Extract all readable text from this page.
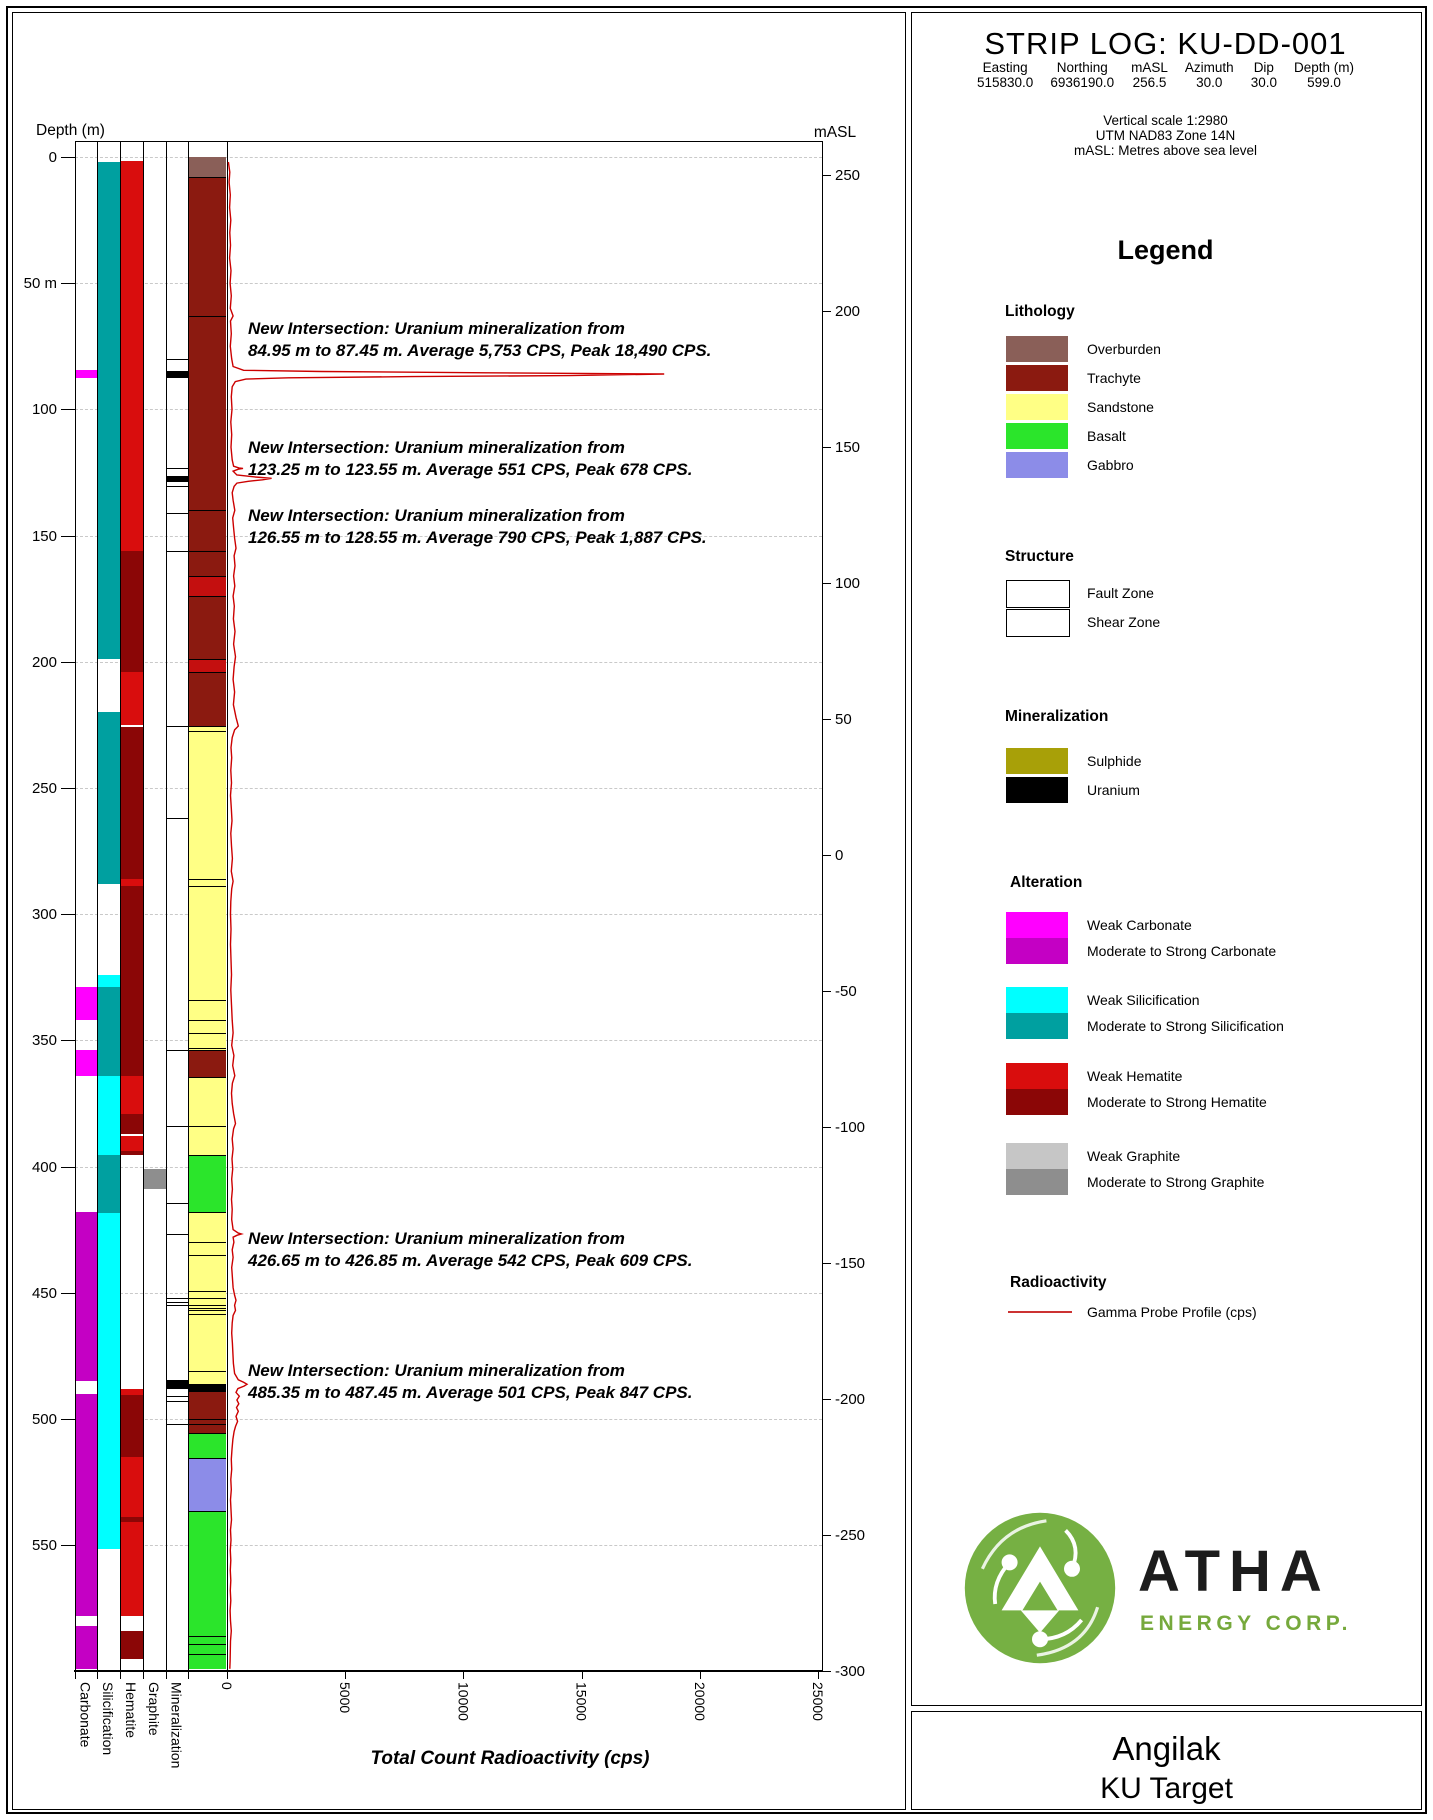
Angilak
KU Target
STRIP LOG: KU-DD-001
Easting
515830.0
Northing
6936190.0
mASL
256.5
Azimuth
30.0
Dip
30.0
Depth (m)
599.0
Vertical scale 1:2980
UTM NAD83 Zone 14N
mASL: Metres above sea level
Legend
Lithology
Overburden
Trachyte
Sandstone
Basalt
Gabbro
Structure
Fault Zone
Shear Zone
Mineralization
Sulphide
Uranium
Alteration
Weak Carbonate
Moderate to Strong Carbonate
Weak Silicification
Moderate to Strong Silicification
Weak Hematite
Moderate to Strong Hematite
Weak Graphite
Moderate to Strong Graphite
Radioactivity
Gamma Probe Profile (cps)
ATHA
ENERGY CORP.
0
50 m
100
150
200
250
300
350
400
450
500
550
250
200
150
100
50
0
-50
-100
-150
-200
-250
-300
0	5000	10000	15000	20000	25000
Carbonate Silicification Hematite Graphite Mineralization
New Intersection: Uranium mineralization from
84.95 m to 87.45 m. Average 5,753 CPS, Peak 18,490 CPS.
New Intersection: Uranium mineralization from
123.25 m to 123.55 m. Average 551 CPS, Peak 678 CPS.
New Intersection: Uranium mineralization from
126.55 m to 128.55 m. Average 790 CPS, Peak 1,887 CPS.
New Intersection: Uranium mineralization from
426.65 m to 426.85 m. Average 542 CPS, Peak 609 CPS.
New Intersection: Uranium mineralization from
485.35 m to 487.45 m. Average 501 CPS, Peak 847 CPS.
Depth (m)	mASL
Total Count Radioactivity (cps)
